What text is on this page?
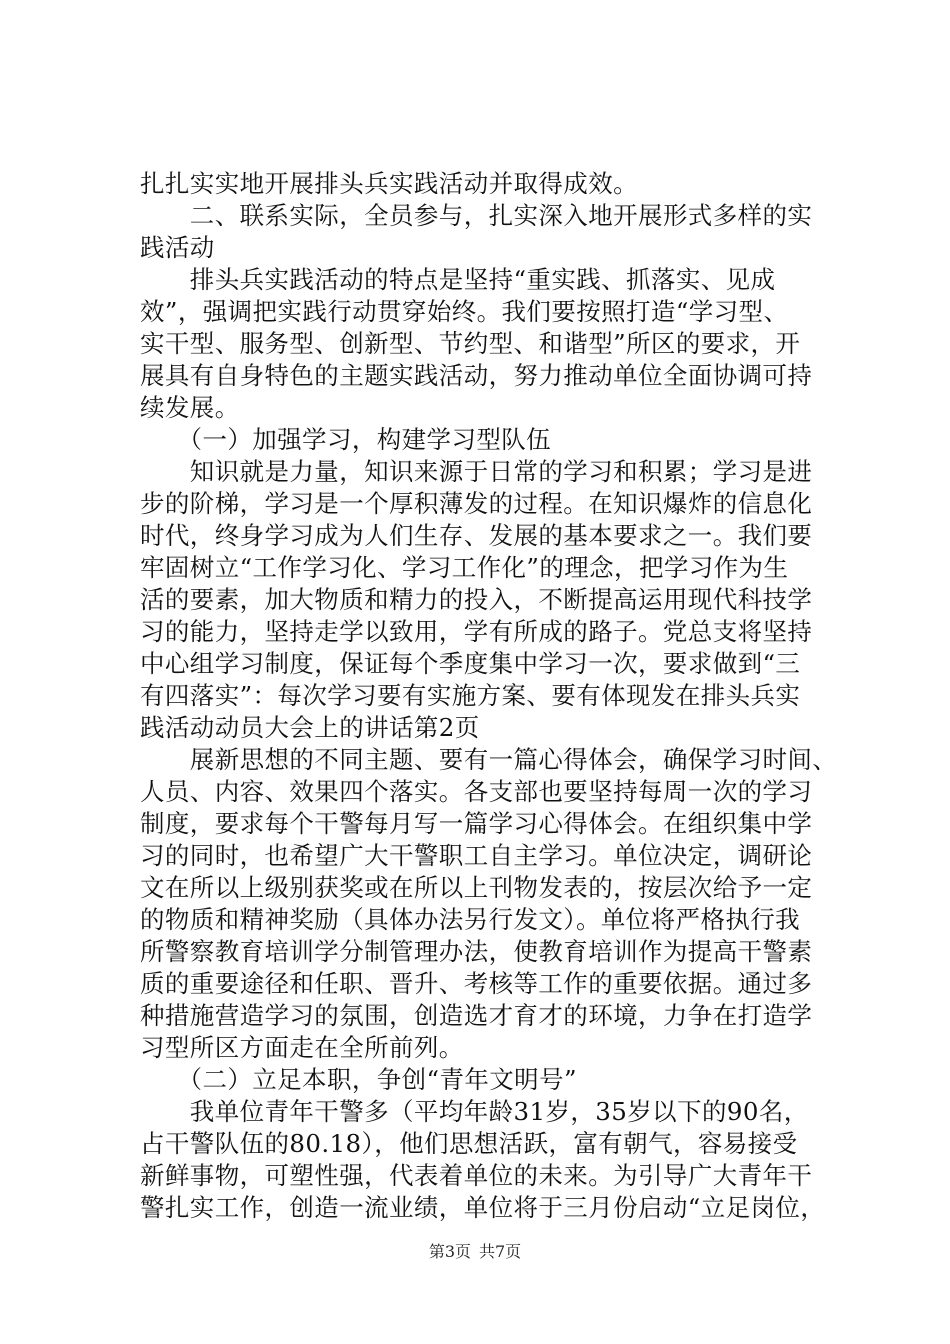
扎扎实实地开展排头兵实践活动并取得成效。
　　二、联系实际，全员参与，扎实深入地开展形式多样的实
践活动
　　排头兵实践活动的特点是坚持“重实践、抓落实、见成
效”，强调把实践行动贯穿始终。我们要按照打造“学习型、
实干型、服务型、创新型、节约型、和谐型”所区的要求，开
展具有自身特色的主题实践活动，努力推动单位全面协调可持
续发展。
　　（一）加强学习，构建学习型队伍
　　知识就是力量，知识来源于日常的学习和积累；学习是进
步的阶梯，学习是一个厚积薄发的过程。在知识爆炸的信息化
时代，终身学习成为人们生存、发展的基本要求之一。我们要
牢固树立“工作学习化、学习工作化”的理念，把学习作为生
活的要素，加大物质和精力的投入，不断提高运用现代科技学
习的能力，坚持走学以致用，学有所成的路子。党总支将坚持
中心组学习制度，保证每个季度集中学习一次，要求做到“三
有四落实”：每次学习要有实施方案、要有体现发在排头兵实
践活动动员大会上的讲话第2页
　　展新思想的不同主题、要有一篇心得体会，确保学习时间、
人员、内容、效果四个落实。各支部也要坚持每周一次的学习
制度，要求每个干警每月写一篇学习心得体会。在组织集中学
习的同时，也希望广大干警职工自主学习。单位决定，调研论
文在所以上级别获奖或在所以上刊物发表的，按层次给予一定
的物质和精神奖励（具体办法另行发文）。单位将严格执行我
所警察教育培训学分制管理办法，使教育培训作为提高干警素
质的重要途径和任职、晋升、考核等工作的重要依据。通过多
种措施营造学习的氛围，创造选才育才的环境，力争在打造学
习型所区方面走在全所前列。
　　（二）立足本职，争创“青年文明号”
　　我单位青年干警多（平均年龄31岁，35岁以下的90名，
占干警队伍的80.18），他们思想活跃，富有朝气，容易接受
新鲜事物，可塑性强，代表着单位的未来。为引导广大青年干
警扎实工作，创造一流业绩，单位将于三月份启动“立足岗位，
第3页 共7页
